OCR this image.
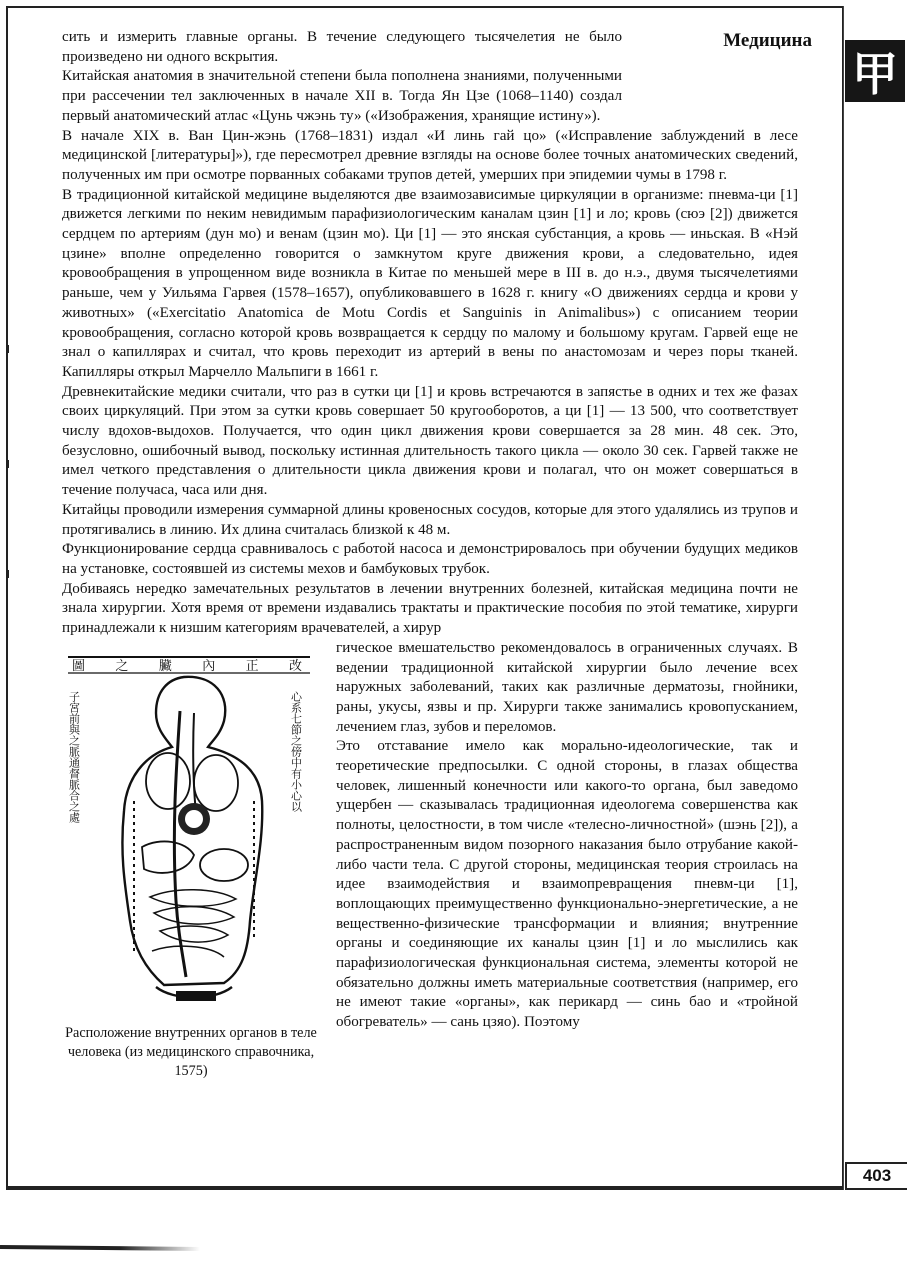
甲
403
Медицина

сить и измерить главные органы. В течение следующего тысячелетия не было произведено ни одного вскрытия.

Китайская анатомия в значительной степени была пополнена знаниями, полученными при рассечении тел заключенных в начале XII в. Тогда Ян Цзе (1068–1140) создал первый анатомический атлас «Цунь чжэнь ту» («Изображения, хранящие истину»).

В начале XIX в. Ван Цин-жэнь (1768–1831) издал «И линь гай цо» («Исправление заблуждений в лесе медицинской [литературы]»), где пересмотрел древние взгляды на основе более точных анатомических сведений, полученных им при осмотре порванных собаками трупов детей, умерших при эпидемии чумы в 1798 г.

В традиционной китайской медицине выделяются две взаимозависимые циркуляции в организме: пневма-ци [1] движется легкими по неким невидимым парафизиологическим каналам цзин [1] и ло; кровь (сюэ [2]) движется сердцем по артериям (дун мо) и венам (цзин мо). Ци [1] — это янская субстанция, а кровь — иньская. В «Нэй цзине» вполне определенно говорится о замкнутом круге движения крови, а следовательно, идея кровообращения в упрощенном виде возникла в Китае по меньшей мере в III в. до н.э., двумя тысячелетиями раньше, чем у Уильяма Гарвея (1578–1657), опубликовавшего в 1628 г. книгу «О движениях сердца и крови у животных» («Exercitatio Anatomica de Motu Cordis et Sanguinis in Animalibus») с описанием теории кровообращения, согласно которой кровь возвращается к сердцу по малому и большому кругам. Гарвей еще не знал о капиллярах и считал, что кровь переходит из артерий в вены по анастомозам и через поры тканей. Капилляры открыл Марчелло Мальпиги в 1661 г.

Древнекитайские медики считали, что раз в сутки ци [1] и кровь встречаются в запястье в одних и тех же фазах своих циркуляций. При этом за сутки кровь совершает 50 кругооборотов, а ци [1] — 13 500, что соответствует числу вдохов-выдохов. Получается, что один цикл движения крови совершается за 28 мин. 48 сек. Это, безусловно, ошибочный вывод, поскольку истинная длительность такого цикла — около 30 сек. Гарвей также не имел четкого представления о длительности цикла движения крови и полагал, что он может совершаться в течение получаса, часа или дня.

Китайцы проводили измерения суммарной длины кровеносных сосудов, которые для этого удалялись из трупов и протягивались в линию. Их длина считалась близкой к 48 м.

Функционирование сердца сравнивалось с работой насоса и демонстрировалось при обучении будущих медиков на установке, состоявшей из системы мехов и бамбуковых трубок.

Добиваясь нередко замечательных результатов в лечении внутренних болезней, китайская медицина почти не знала хирургии. Хотя время от времени издавались трактаты и практические пособия по этой тематике, хирурги принадлежали к низшим категориям врачевателей, а хирур

圖之臟內正改
子宮前與之脈通督脈合之處	心系七節之傍中有小心以
Расположение внутренних органов в теле человека (из медицинского справочника, 1575)

гическое вмешательство рекомендовалось в ограниченных случаях. В ведении традиционной китайской хирургии было лечение всех наружных заболеваний, таких как различные дерматозы, гнойники, раны, укусы, язвы и пр. Хирурги также занимались кровопусканием, лечением глаз, зубов и переломов.

Это отставание имело как морально-идеологические, так и теоретические предпосылки. С одной стороны, в глазах общества человек, лишенный конечности или какого-то органа, был заведомо ущербен — сказывалась традиционная идеологема совершенства как полноты, целостности, в том числе «телесно-личностной» (шэнь [2]), а распространенным видом позорного наказания было отрубание какой-либо части тела. С другой стороны, медицинская теория строилась на идее взаимодействия и взаимопревращения пневм-ци [1], воплощающих преимущественно функционально-энергетические, а не вещественно-физические трансформации и влияния; внутренние органы и соединяющие их каналы цзин [1] и ло мыслились как парафизиологическая функциональная система, элементы которой не обязательно должны иметь материальные соответствия (например, его не имеют такие «органы», как перикард — синь бао и «тройной обогреватель» — сань цзяо). Поэтому
